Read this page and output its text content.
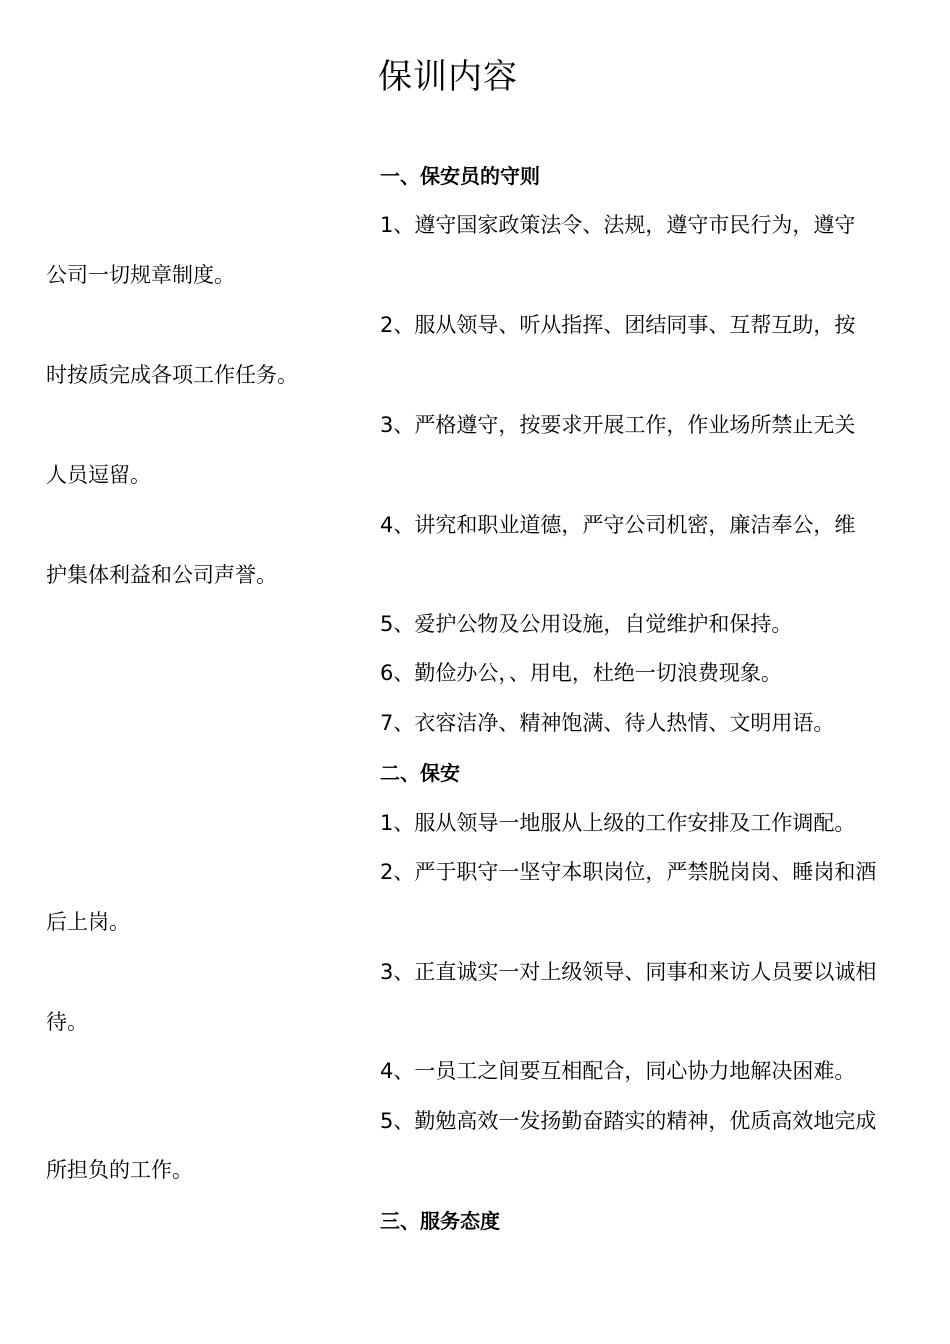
保训内容
一、保安员的守则
1、遵守国家政策法令、法规，遵守市民行为，遵守
公司一切规章制度。
2、服从领导、听从指挥、团结同事、互帮互助，按
时按质完成各项工作任务。
3、严格遵守，按要求开展工作，作业场所禁止无关
人员逗留。
4、讲究和职业道德，严守公司机密，廉洁奉公，维
护集体利益和公司声誉。
5、爱护公物及公用设施，自觉维护和保持。
6、勤俭办公，、用电，杜绝一切浪费现象。
7、衣容洁净、精神饱满、待人热情、文明用语。
二、保安
1、服从领导一地服从上级的工作安排及工作调配。
2、严于职守一坚守本职岗位，严禁脱岗岗、睡岗和酒
后上岗。
3、正直诚实一对上级领导、同事和来访人员要以诚相
待。
4、一员工之间要互相配合，同心协力地解决困难。
5、勤勉高效一发扬勤奋踏实的精神，优质高效地完成
所担负的工作。
三、服务态度
